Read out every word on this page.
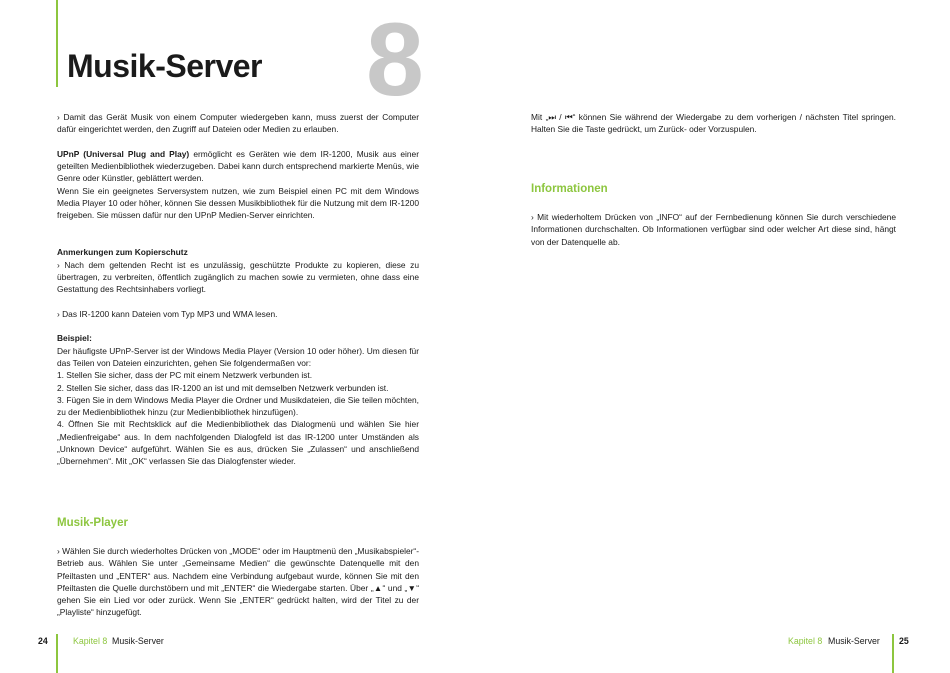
8
Musik-Server

› Damit das Gerät Musik von einem Computer wiedergeben kann, muss zuerst der Computer dafür eingerichtet werden, den Zugriff auf Dateien oder Medien zu erlauben.

UPnP (Universal Plug and Play) ermöglicht es Geräten wie dem IR-1200, Musik aus einer geteilten Medienbibliothek wiederzugeben. Dabei kann durch entsprechend markierte Menüs, wie Genre oder Künstler, geblättert werden.

Wenn Sie ein geeignetes Serversystem nutzen, wie zum Beispiel einen PC mit dem Windows Media Player 10 oder höher, können Sie dessen Musikbibliothek für die Nutzung mit dem IR-1200 freigeben. Sie müssen dafür nur den UPnP Medien-Server einrichten.

Anmerkungen zum Kopierschutz

› Nach dem geltenden Recht ist es unzulässig, geschützte Produkte zu kopieren, diese zu übertragen, zu verbreiten, öffentlich zugänglich zu machen sowie zu vermieten, ohne dass eine Gestattung des Rechtsinhabers vorliegt.

› Das IR-1200 kann Dateien vom Typ MP3 und WMA lesen.

Beispiel:

Der häufigste UPnP-Server ist der Windows Media Player (Version 10 oder höher). Um diesen für das Teilen von Dateien einzurichten, gehen Sie folgendermaßen vor:

1. Stellen Sie sicher, dass der PC mit einem Netzwerk verbunden ist.

2. Stellen Sie sicher, dass das IR-1200 an ist und mit demselben Netzwerk verbunden ist.

3. Fügen Sie in dem Windows Media Player die Ordner und Musikdateien, die Sie teilen möchten, zu der Medienbibliothek hinzu (zur Medienbibliothek hinzufügen).

4. Öffnen Sie mit Rechtsklick auf die Medienbibliothek das Dialogmenü und wählen Sie hier „Medienfreigabe“ aus. In dem nachfolgenden Dialogfeld ist das IR-1200 unter Umständen als „Unknown Device“ aufgeführt. Wählen Sie es aus, drücken Sie „Zulassen“ und anschließend „Übernehmen“. Mit „OK“ verlassen Sie das Dialogfenster wieder.

Musik-Player

› Wählen Sie durch wiederholtes Drücken von „MODE“ oder im Hauptmenü den „Musikabspieler“-Betrieb aus. Wählen Sie unter „Gemeinsame Medien“ die gewünschte Datenquelle mit den Pfeiltasten und „ENTER“ aus. Nachdem eine Verbindung aufgebaut wurde, können Sie mit den Pfeiltasten die Quelle durchstöbern und mit „ENTER“ die Wiedergabe starten. Über „▲“ und „▼“ gehen Sie ein Lied vor oder zurück. Wenn Sie „ENTER“ gedrückt halten, wird der Titel zu der „Playliste“ hinzugefügt.

Mit „⏭ / ⏮“ können Sie während der Wiedergabe zu dem vorherigen / nächsten Titel springen. Halten Sie die Taste gedrückt, um Zurück- oder Vorzuspulen.

Informationen

› Mit wiederholtem Drücken von „INFO“ auf der Fernbedienung können Sie durch verschiedene Informationen durchschalten. Ob Informationen verfügbar sind oder welcher Art diese sind, hängt von der Datenquelle ab.

24	Kapitel 8 Musik-Server	Kapitel 8 Musik-Server 25
